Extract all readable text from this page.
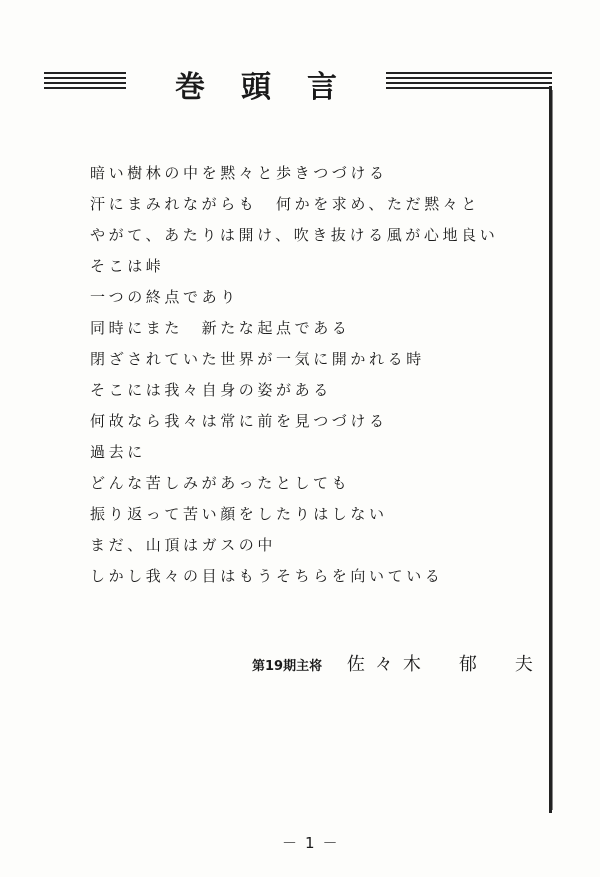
巻頭言
暗い樹林の中を黙々と歩きつづける
汗にまみれながらも　何かを求め、ただ黙々と
やがて、あたりは開け、吹き抜ける風が心地良い
そこは峠
一つの終点であり
同時にまた　新たな起点である
閉ざされていた世界が一気に開かれる時
そこには我々自身の姿がある
何故なら我々は常に前を見つづける
過去に
どんな苦しみがあったとしても
振り返って苦い顔をしたりはしない
まだ、山頂はガスの中
しかし我々の目はもうそちらを向いている
第19期主将 佐々木　郁　夫
－1－
